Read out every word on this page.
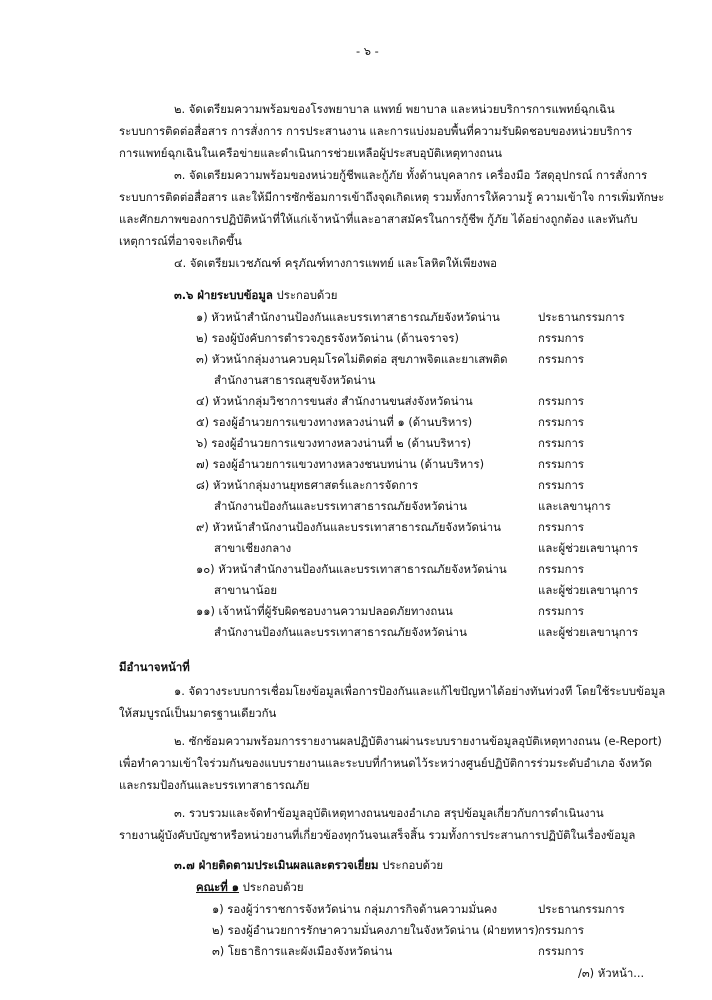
- ๖ -
๒. จัดเตรียมความพร้อมของโรงพยาบาล แพทย์ พยาบาล และหน่วยบริการการแพทย์ฉุกเฉิน
ระบบการติดต่อสื่อสาร การสั่งการ การประสานงาน และการแบ่งมอบพื้นที่ความรับผิดชอบของหน่วยบริการ
การแพทย์ฉุกเฉินในเครือข่ายและดำเนินการช่วยเหลือผู้ประสบอุบัติเหตุทางถนน
๓. จัดเตรียมความพร้อมของหน่วยกู้ชีพและกู้ภัย ทั้งด้านบุคลากร เครื่องมือ วัสดุอุปกรณ์ การสั่งการ
ระบบการติดต่อสื่อสาร และให้มีการซักซ้อมการเข้าถึงจุดเกิดเหตุ รวมทั้งการให้ความรู้ ความเข้าใจ การเพิ่มทักษะ
และศักยภาพของการปฏิบัติหน้าที่ให้แก่เจ้าหน้าที่และอาสาสมัครในการกู้ชีพ กู้ภัย ได้อย่างถูกต้อง และทันกับ
เหตุการณ์ที่อาจจะเกิดขึ้น
๔. จัดเตรียมเวชภัณฑ์ ครุภัณฑ์ทางการแพทย์ และโลหิตให้เพียงพอ
๓.๖ ฝ่ายระบบข้อมูล ประกอบด้วย
๑) หัวหน้าสำนักงานป้องกันและบรรเทาสาธารณภัยจังหวัดน่าน	ประธานกรรมการ
๒) รองผู้บังคับการตำรวจภูธรจังหวัดน่าน (ด้านจราจร)	กรรมการ
๓) หัวหน้ากลุ่มงานควบคุมโรคไม่ติดต่อ สุขภาพจิตและยาเสพติด	กรรมการ
สำนักงานสาธารณสุขจังหวัดน่าน
๔) หัวหน้ากลุ่มวิชาการขนส่ง สำนักงานขนส่งจังหวัดน่าน	กรรมการ
๕) รองผู้อำนวยการแขวงทางหลวงน่านที่ ๑ (ด้านบริหาร)	กรรมการ
๖) รองผู้อำนวยการแขวงทางหลวงน่านที่ ๒ (ด้านบริหาร)	กรรมการ
๗) รองผู้อำนวยการแขวงทางหลวงชนบทน่าน (ด้านบริหาร)	กรรมการ
๘) หัวหน้ากลุ่มงานยุทธศาสตร์และการจัดการ	กรรมการ
สำนักงานป้องกันและบรรเทาสาธารณภัยจังหวัดน่าน	และเลขานุการ
๙) หัวหน้าสำนักงานป้องกันและบรรเทาสาธารณภัยจังหวัดน่าน	กรรมการ
สาขาเชียงกลาง	และผู้ช่วยเลขานุการ
๑๐) หัวหน้าสำนักงานป้องกันและบรรเทาสาธารณภัยจังหวัดน่าน	กรรมการ
สาขานาน้อย	และผู้ช่วยเลขานุการ
๑๑) เจ้าหน้าที่ผู้รับผิดชอบงานความปลอดภัยทางถนน	กรรมการ
สำนักงานป้องกันและบรรเทาสาธารณภัยจังหวัดน่าน	และผู้ช่วยเลขานุการ
มีอำนาจหน้าที่
๑. จัดวางระบบการเชื่อมโยงข้อมูลเพื่อการป้องกันและแก้ไขปัญหาได้อย่างทันท่วงที โดยใช้ระบบข้อมูล
ให้สมบูรณ์เป็นมาตรฐานเดียวกัน
๒. ซักซ้อมความพร้อมการรายงานผลปฏิบัติงานผ่านระบบรายงานข้อมูลอุบัติเหตุทางถนน (e-Report)
เพื่อทำความเข้าใจร่วมกันของแบบรายงานและระบบที่กำหนดไว้ระหว่างศูนย์ปฏิบัติการร่วมระดับอำเภอ จังหวัด
และกรมป้องกันและบรรเทาสาธารณภัย
๓. รวบรวมและจัดทำข้อมูลอุบัติเหตุทางถนนของอำเภอ สรุปข้อมูลเกี่ยวกับการดำเนินงาน
รายงานผู้บังคับบัญชาหรือหน่วยงานที่เกี่ยวข้องทุกวันจนเสร็จสิ้น รวมทั้งการประสานการปฏิบัติในเรื่องข้อมูล
๓.๗ ฝ่ายติดตามประเมินผลและตรวจเยี่ยม ประกอบด้วย
คณะที่ ๑ ประกอบด้วย
๑) รองผู้ว่าราชการจังหวัดน่าน กลุ่มภารกิจด้านความมั่นคง	ประธานกรรมการ
๒) รองผู้อำนวยการรักษาความมั่นคงภายในจังหวัดน่าน (ฝ่ายทหาร) กรรมการ
๓) โยธาธิการและผังเมืองจังหวัดน่าน	กรรมการ
/๓) หัวหน้า...
